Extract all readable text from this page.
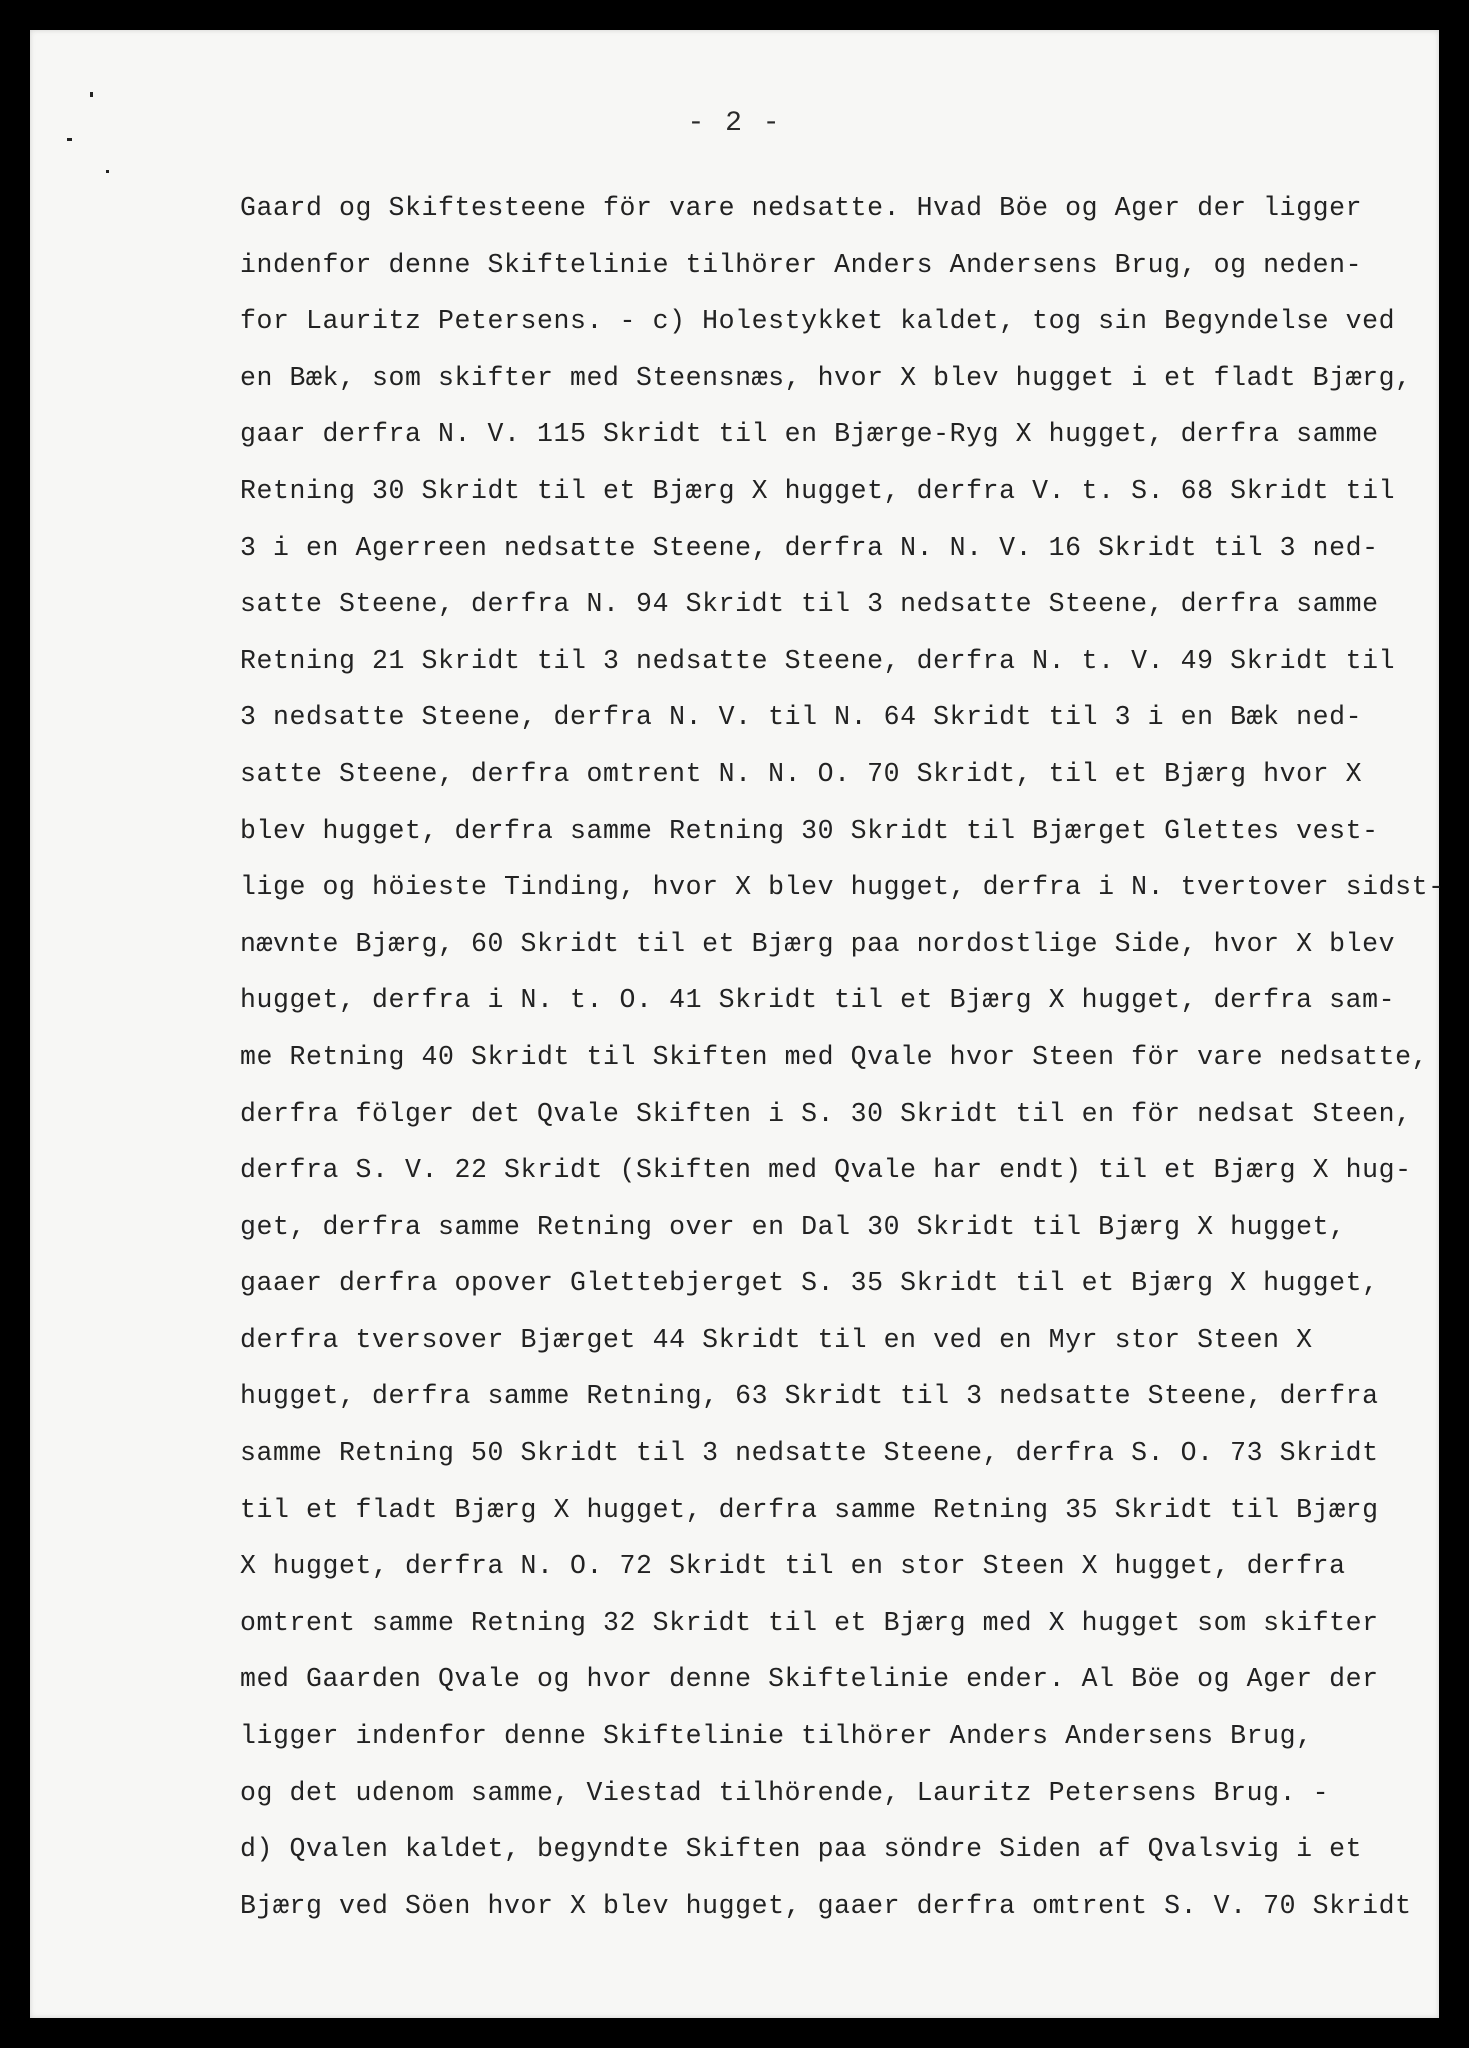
- 2 -
Gaard og Skiftesteene för vare nedsatte. Hvad Böe og Ager der ligger
indenfor denne Skiftelinie tilhörer Anders Andersens Brug, og neden-
for Lauritz Petersens. - c) Holestykket kaldet, tog sin Begyndelse ved
en Bæk, som skifter med Steensnæs, hvor X blev hugget i et fladt Bjærg,
gaar derfra N. V. 115 Skridt til en Bjærge-Ryg X hugget, derfra samme
Retning 30 Skridt til et Bjærg X hugget, derfra V. t. S. 68 Skridt til
3 i en Agerreen nedsatte Steene, derfra N. N. V. 16 Skridt til 3 ned-
satte Steene, derfra N. 94 Skridt til 3 nedsatte Steene, derfra samme
Retning 21 Skridt til 3 nedsatte Steene, derfra N. t. V. 49 Skridt til
3 nedsatte Steene, derfra N. V. til N. 64 Skridt til 3 i en Bæk ned-
satte Steene, derfra omtrent N. N. O. 70 Skridt, til et Bjærg hvor X
blev hugget, derfra samme Retning 30 Skridt til Bjærget Glettes vest-
lige og höieste Tinding, hvor X blev hugget, derfra i N. tvertover sidst-
nævnte Bjærg, 60 Skridt til et Bjærg paa nordostlige Side, hvor X blev
hugget, derfra i N. t. O. 41 Skridt til et Bjærg X hugget, derfra sam-
me Retning 40 Skridt til Skiften med Qvale hvor Steen för vare nedsatte,
derfra fölger det Qvale Skiften i S. 30 Skridt til en för nedsat Steen,
derfra S. V. 22 Skridt (Skiften med Qvale har endt) til et Bjærg X hug-
get, derfra samme Retning over en Dal 30 Skridt til Bjærg X hugget,
gaaer derfra opover Glettebjerget S. 35 Skridt til et Bjærg X hugget,
derfra tversover Bjærget 44 Skridt til en ved en Myr stor Steen X
hugget, derfra samme Retning, 63 Skridt til 3 nedsatte Steene, derfra
samme Retning 50 Skridt til 3 nedsatte Steene, derfra S. O. 73 Skridt
til et fladt Bjærg X hugget, derfra samme Retning 35 Skridt til Bjærg
X hugget, derfra N. O. 72 Skridt til en stor Steen X hugget, derfra
omtrent samme Retning 32 Skridt til et Bjærg med X hugget som skifter
med Gaarden Qvale og hvor denne Skiftelinie ender. Al Böe og Ager der
ligger indenfor denne Skiftelinie tilhörer Anders Andersens Brug,
og det udenom samme, Viestad tilhörende, Lauritz Petersens Brug. -
d) Qvalen kaldet, begyndte Skiften paa söndre Siden af Qvalsvig i et
Bjærg ved Söen hvor X blev hugget, gaaer derfra omtrent S. V. 70 Skridt
